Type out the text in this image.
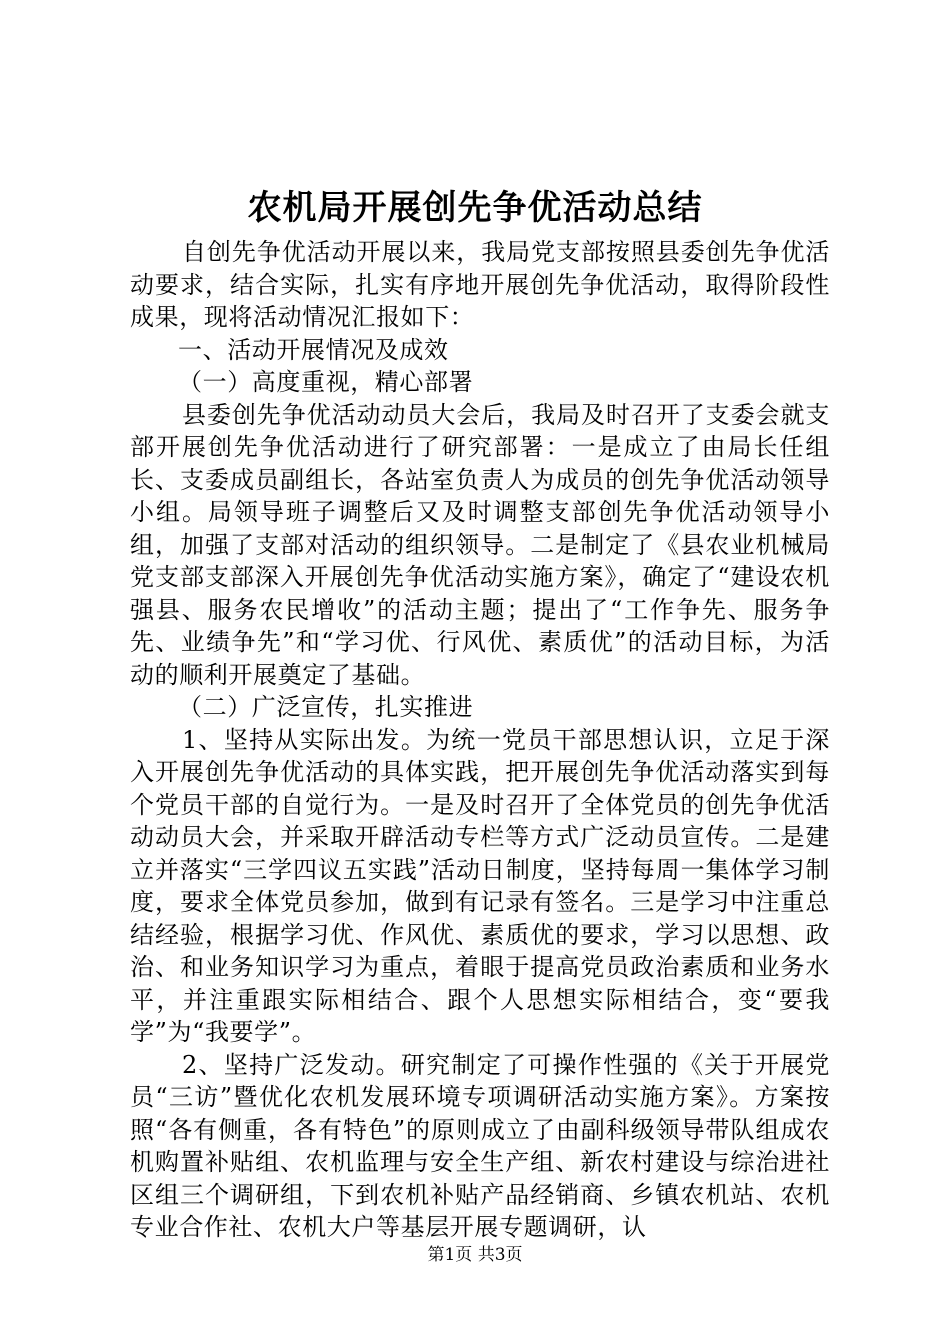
农机局开展创先争优活动总结

自创先争优活动开展以来，我局党支部按照县委创先争优活动要求，结合实际，扎实有序地开展创先争优活动，取得阶段性成果，现将活动情况汇报如下：

一、活动开展情况及成效

（一）高度重视，精心部署

县委创先争优活动动员大会后，我局及时召开了支委会就支部开展创先争优活动进行了研究部署：一是成立了由局长任组长、支委成员副组长，各站室负责人为成员的创先争优活动领导小组。局领导班子调整后又及时调整支部创先争优活动领导小组，加强了支部对活动的组织领导。二是制定了《县农业机械局党支部支部深入开展创先争优活动实施方案》，确定了“建设农机强县、服务农民增收”的活动主题；提出了“工作争先、服务争先、业绩争先”和“学习优、行风优、素质优”的活动目标，为活动的顺利开展奠定了基础。

（二）广泛宣传，扎实推进

1、坚持从实际出发。为统一党员干部思想认识，立足于深入开展创先争优活动的具体实践，把开展创先争优活动落实到每个党员干部的自觉行为。一是及时召开了全体党员的创先争优活动动员大会，并采取开辟活动专栏等方式广泛动员宣传。二是建立并落实“三学四议五实践”活动日制度，坚持每周一集体学习制度，要求全体党员参加，做到有记录有签名。三是学习中注重总结经验，根据学习优、作风优、素质优的要求，学习以思想、政治、和业务知识学习为重点，着眼于提高党员政治素质和业务水平，并注重跟实际相结合、跟个人思想实际相结合，变“要我学”为“我要学”。

2、坚持广泛发动。研究制定了可操作性强的《关于开展党员“三访”暨优化农机发展环境专项调研活动实施方案》。方案按照“各有侧重，各有特色”的原则成立了由副科级领导带队组成农机购置补贴组、农机监理与安全生产组、新农村建设与综治进社区组三个调研组，下到农机补贴产品经销商、乡镇农机站、农机专业合作社、农机大户等基层开展专题调研，认

第1页 共3页
